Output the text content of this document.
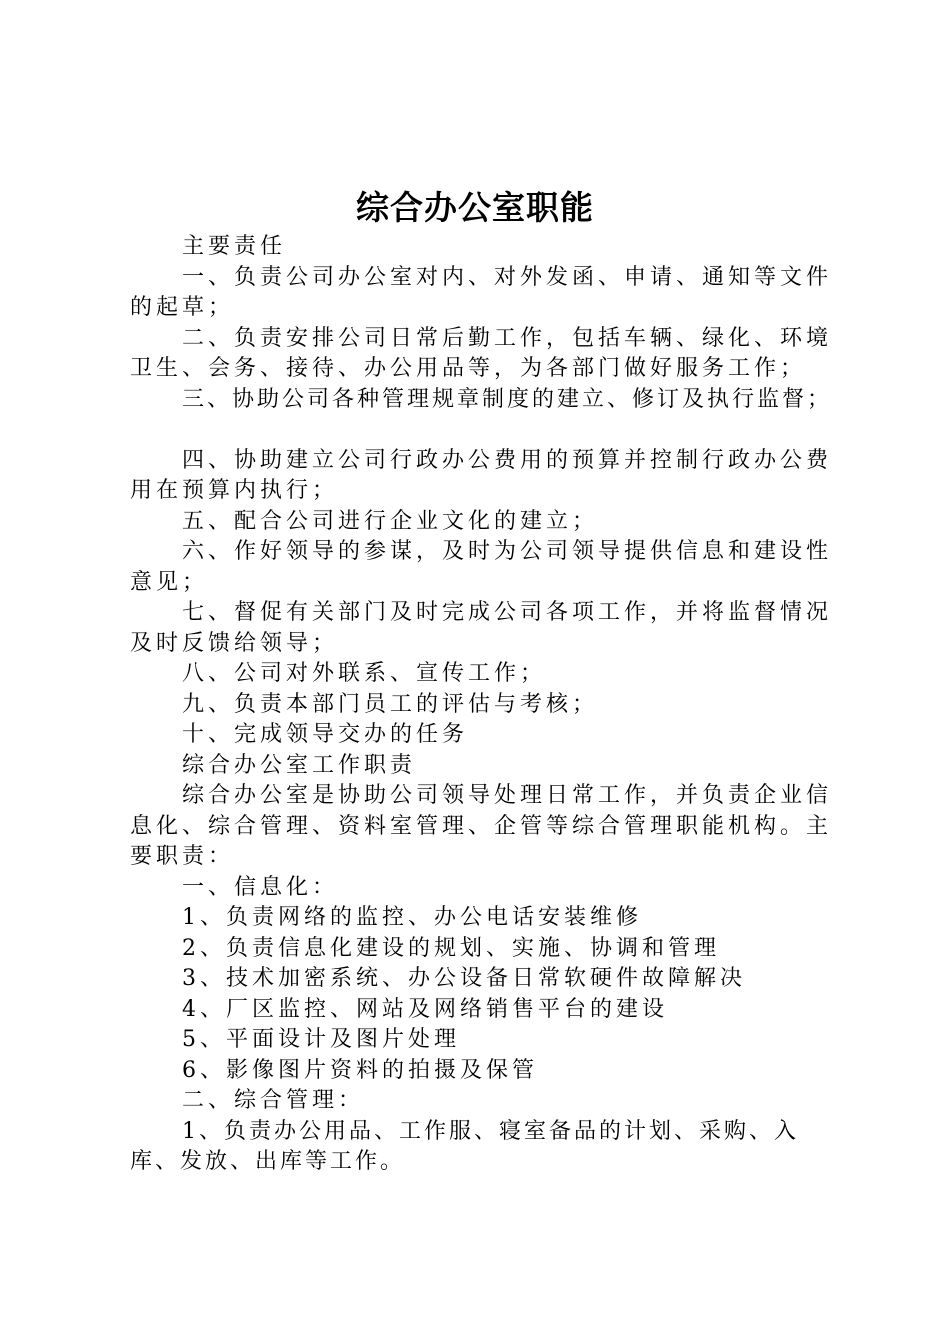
综合办公室职能

主要责任

一、负责公司办公室对内、对外发函、申请、通知等文件的起草；

二、负责安排公司日常后勤工作，包括车辆、绿化、环境卫生、会务、接待、办公用品等，为各部门做好服务工作；

三、协助公司各种管理规章制度的建立、修订及执行监督；

四、协助建立公司行政办公费用的预算并控制行政办公费用在预算内执行；

五、配合公司进行企业文化的建立；

六、作好领导的参谋，及时为公司领导提供信息和建设性意见；

七、督促有关部门及时完成公司各项工作，并将监督情况及时反馈给领导；

八、公司对外联系、宣传工作；

九、负责本部门员工的评估与考核；

十、完成领导交办的任务

综合办公室工作职责

综合办公室是协助公司领导处理日常工作，并负责企业信息化、综合管理、资料室管理、企管等综合管理职能机构。主要职责：

一、信息化：

1、负责网络的监控、办公电话安装维修

2、负责信息化建设的规划、实施、协调和管理

3、技术加密系统、办公设备日常软硬件故障解决

4、厂区监控、网站及网络销售平台的建设

5、平面设计及图片处理

6、影像图片资料的拍摄及保管

二、综合管理：

1、负责办公用品、工作服、寝室备品的计划、采购、入库、发放、出库等工作。
